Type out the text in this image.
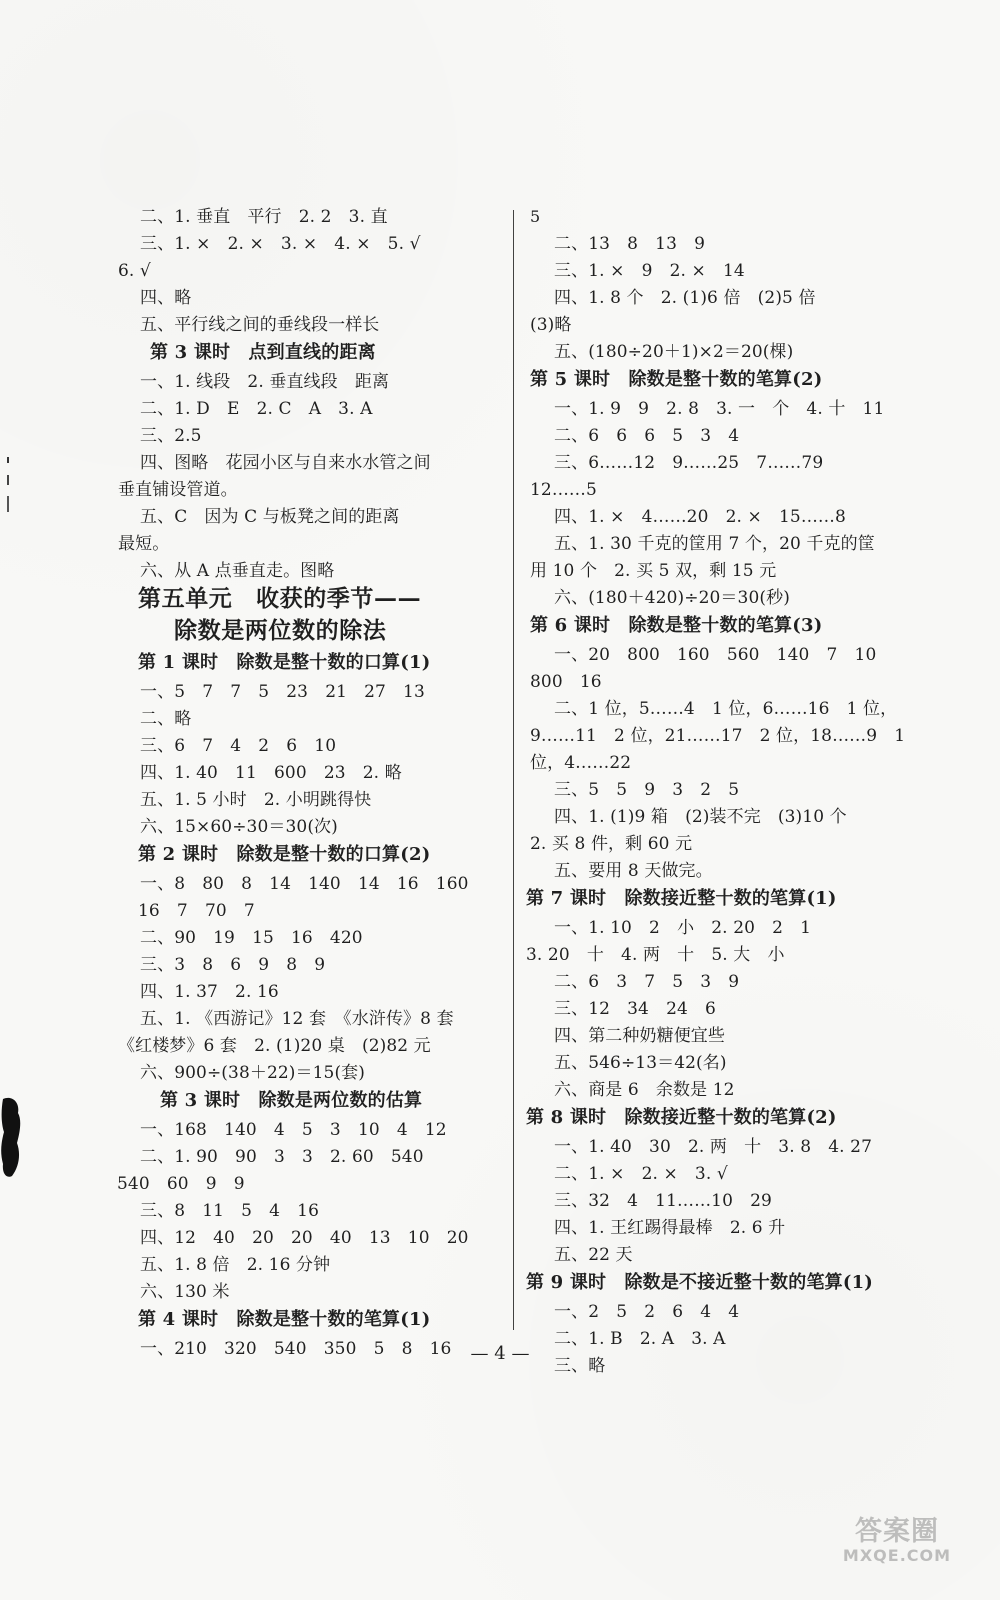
二、1. 垂直　平行　2. 2　3. 直
三、1. ×　2. ×　3. ×　4. ×　5. √
6. √
四、略
五、平行线之间的垂线段一样长
第 3 课时　点到直线的距离
一、1. 线段　2. 垂直线段　距离
二、1. D　E　2. C　A　3. A
三、2.5
四、图略　花园小区与自来水水管之间
垂直铺设管道。
五、C　因为 C 与板凳之间的距离
最短。
六、从 A 点垂直走。图略
第五单元　收获的季节——
除数是两位数的除法
第 1 课时　除数是整十数的口算(1)
一、5　7　7　5　23　21　27　13
二、略
三、6　7　4　2　6　10
四、1. 40　11　600　23　2. 略
五、1. 5 小时　2. 小明跳得快
六、15×60÷30＝30(次)
第 2 课时　除数是整十数的口算(2)
一、8　80　8　14　140　14　16　160
16　7　70　7
二、90　19　15　16　420
三、3　8　6　9　8　9
四、1. 37　2. 16
五、1. 《西游记》12 套　《水浒传》8 套
《红楼梦》6 套　2. (1)20 桌　(2)82 元
六、900÷(38＋22)＝15(套)
第 3 课时　除数是两位数的估算
一、168　140　4　5　3　10　4　12
二、1. 90　90　3　3　2. 60　540
540　60　9　9
三、8　11　5　4　16
四、12　40　20　20　40　13　10　20
五、1. 8 倍　2. 16 分钟
六、130 米
第 4 课时　除数是整十数的笔算(1)
一、210　320　540　350　5　8　16
5
二、13　8　13　9
三、1. ×　9　2. ×　14
四、1. 8 个　2. (1)6 倍　(2)5 倍
(3)略
五、(180÷20＋1)×2＝20(棵)
第 5 课时　除数是整十数的笔算(2)
一、1. 9　9　2. 8　3. 一　个　4. 十　11
二、6　6　6　5　3　4
三、6……12　9……25　7……79
12……5
四、1. ×　4……20　2. ×　15……8
五、1. 30 千克的筐用 7 个，20 千克的筐
用 10 个　2. 买 5 双，剩 15 元
六、(180＋420)÷20＝30(秒)
第 6 课时　除数是整十数的笔算(3)
一、20　800　160　560　140　7　10
800　16
二、1 位，5……4　1 位，6……16　1 位，
9……11　2 位，21……17　2 位，18……9　1
位，4……22
三、5　5　9　3　2　5
四、1. (1)9 箱　(2)装不完　(3)10 个
2. 买 8 件，剩 60 元
五、要用 8 天做完。
第 7 课时　除数接近整十数的笔算(1)
一、1. 10　2　小　2. 20　2　1
3. 20　十　4. 两　十　5. 大　小
二、6　3　7　5　3　9
三、12　34　24　6
四、第二种奶糖便宜些
五、546÷13＝42(名)
六、商是 6　余数是 12
第 8 课时　除数接近整十数的笔算(2)
一、1. 40　30　2. 两　十　3. 8　4. 27
二、1. ×　2. ×　3. √
三、32　4　11……10　29
四、1. 王红踢得最棒　2. 6 升
五、22 天
第 9 课时　除数是不接近整十数的笔算(1)
一、2　5　2　6　4　4
二、1. B　2. A　3. A
三、略
— 4 —
答案圈
MXQE.COM
